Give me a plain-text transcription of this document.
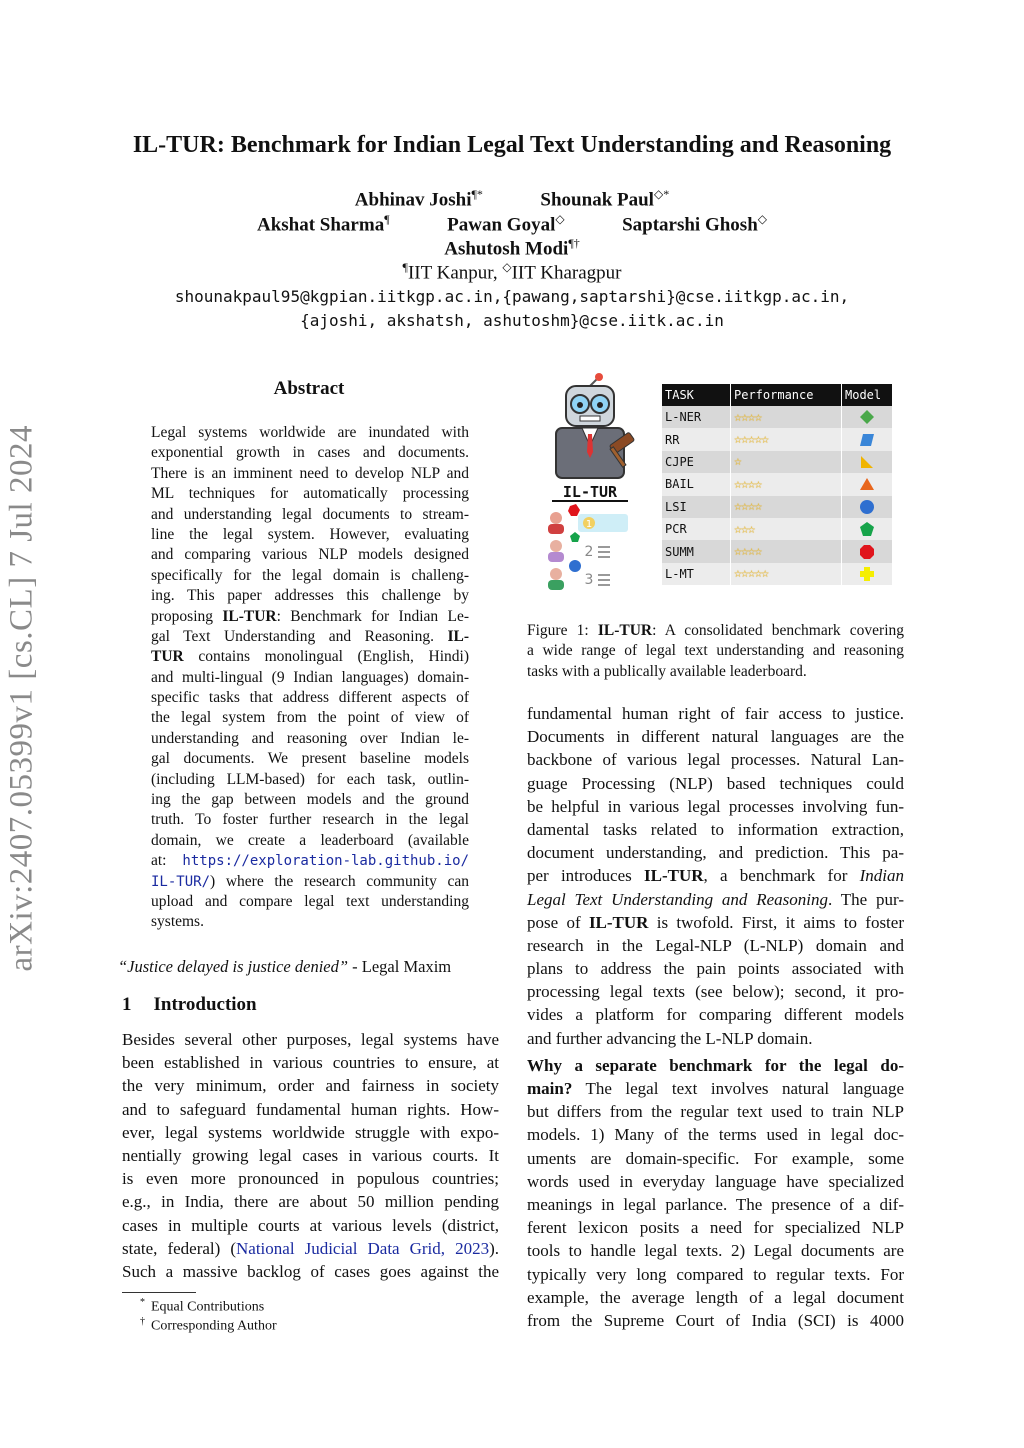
arXiv:2407.05399v1 [cs.CL] 7 Jul 2024
IL-TUR: Benchmark for Indian Legal Text Understanding and Reasoning
Abhinav Joshi¶*	Shounak Paul◇*
Akshat Sharma¶	Pawan Goyal◇	Saptarshi Ghosh◇
Ashutosh Modi¶†
¶IIT Kanpur, ◇IIT Kharagpur
shounakpaul95@kgpian.iitkgp.ac.in,{pawang,saptarshi}@cse.iitkgp.ac.in,
{ajoshi, akshatsh, ashutoshm}@cse.iitk.ac.in
Abstract
Legal systems worldwide are inundated with
exponential growth in cases and documents.
There is an imminent need to develop NLP and
ML techniques for automatically processing
and understanding legal documents to stream-
line the legal system. However, evaluating
and comparing various NLP models designed
specifically for the legal domain is challeng-
ing. This paper addresses this challenge by
proposing IL-TUR: Benchmark for Indian Le-
gal Text Understanding and Reasoning. IL-
TUR contains monolingual (English, Hindi)
and multi-lingual (9 Indian languages) domain-
specific tasks that address different aspects of
the legal system from the point of view of
understanding and reasoning over Indian le-
gal documents. We present baseline models
(including LLM-based) for each task, outlin-
ing the gap between models and the ground
truth. To foster further research in the legal
domain, we create a leaderboard (available
at: https://exploration-lab.github.io/
IL-TUR/) where the research community can
upload and compare legal text understanding
systems.
“Justice delayed is justice denied” - Legal Maxim
1 Introduction
Besides several other purposes, legal systems have
been established in various countries to ensure, at
the very minimum, order and fairness in society
and to safeguard fundamental human rights. How-
ever, legal systems worldwide struggle with expo-
nentially growing legal cases in various courts. It
is even more pronounced in populous countries;
e.g., in India, there are about 50 million pending
cases in multiple courts at various levels (district,
state, federal) (National Judicial Data Grid, 2023).
Such a massive backlog of cases goes against the
* Equal Contributions
† Corresponding Author
IL-TUR
1
2
3
TASK	Performance	Model
L-NER	☆☆☆☆	

RR	☆☆☆☆☆	

CJPE	☆	

BAIL	☆☆☆☆	

LSI	☆☆☆☆	

PCR	☆☆☆	

SUMM	☆☆☆☆	

L-MT	☆☆☆☆☆	
Figure 1: IL-TUR: A consolidated benchmark covering
a wide range of legal text understanding and reasoning
tasks with a publically available leaderboard.
fundamental human right of fair access to justice.
Documents in different natural languages are the
backbone of various legal processes. Natural Lan-
guage Processing (NLP) based techniques could
be helpful in various legal processes involving fun-
damental tasks related to information extraction,
document understanding, and prediction. This pa-
per introduces IL-TUR, a benchmark for Indian
Legal Text Understanding and Reasoning. The pur-
pose of IL-TUR is twofold. First, it aims to foster
research in the Legal-NLP (L-NLP) domain and
plans to address the pain points associated with
processing legal texts (see below); second, it pro-
vides a platform for comparing different models
and further advancing the L-NLP domain.
Why a separate benchmark for the legal do-
main? The legal text involves natural language
but differs from the regular text used to train NLP
models. 1) Many of the terms used in legal doc-
uments are domain-specific. For example, some
words used in everyday language have specialized
meanings in legal parlance. The presence of a dif-
ferent lexicon posits a need for specialized NLP
tools to handle legal texts. 2) Legal documents are
typically very long compared to regular texts. For
example, the average length of a legal document
from the Supreme Court of India (SCI) is 4000
